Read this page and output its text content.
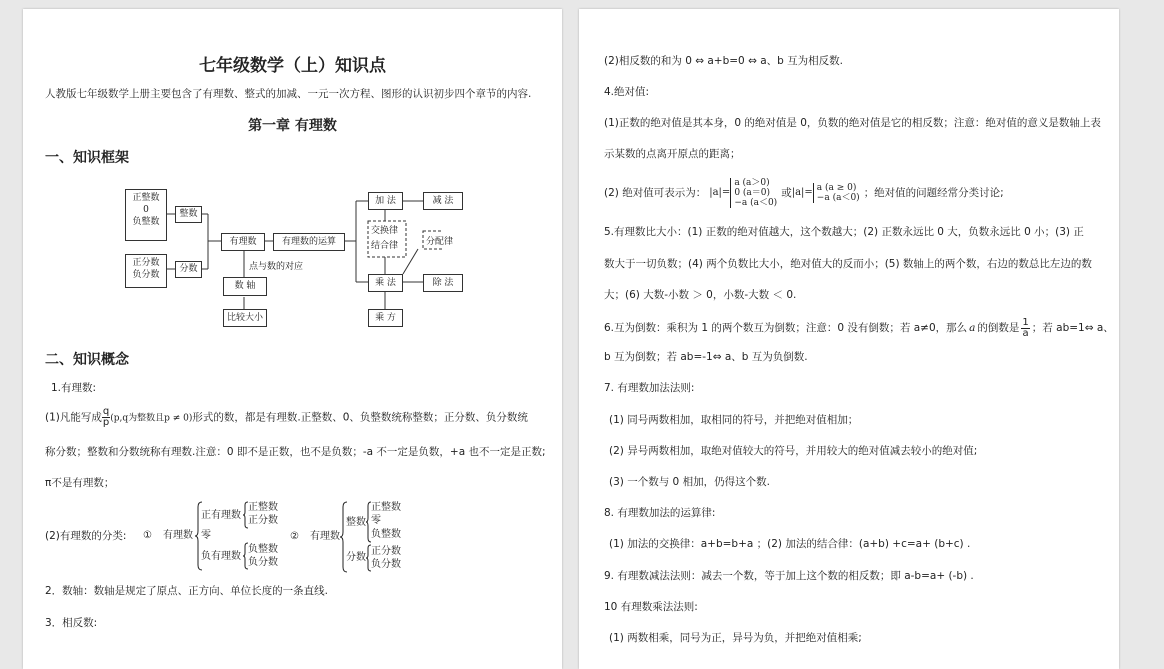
七年级数学（上）知识点
人教版七年级数学上册主要包含了有理数、整式的加减、一元一次方程、图形的认识初步四个章节的内容.
第一章 有理数
一、知识框架
正整数
0
负整数
正分数
负分数
整数
分数
有理数	有理数的运算
点与数的对应
数 轴
比较大小
加 法	减 法
交换律
结合律	分配律
乘 法	除 法
乘 方
二、知识概念
1.有理数:
(1)凡能写成 $\frac{q}{p} (p,q$为整数且p ≠ 0)形式的数，都是有理数.正整数、0、负整数统称整数；正分数、负分数统
称分数；整数和分数统称有理数.注意：0 即不是正数，也不是负数；-a 不一定是负数，+a 也不一定是正数;
π不是有理数；
(2)有理数的分类: ① 有理数
正有理数
正整数
正分数
零
负有理数
负整数
负分数
② 有理数
整数
正整数
零
负整数
分数
正分数
负分数
2．数轴：数轴是规定了原点、正方向、单位长度的一条直线.
3．相反数:
(2)相反数的和为 0 ⇔ a+b=0 ⇔ a、b 互为相反数.
4.绝对值:
(1)正数的绝对值是其本身，0 的绝对值是 0，负数的绝对值是它的相反数；注意：绝对值的意义是数轴上表
示某数的点离开原点的距离；
(2) 绝对值可表示为： |a|=
a (a＞0)
0 (a＝0)
−a (a＜0)
或 |a|= a (a ≥ 0)
−a (a＜0) ；绝对值的问题经常分类讨论;
5.有理数比大小：(1) 正数的绝对值越大，这个数越大；(2) 正数永远比 0 大，负数永远比 0 小；(3) 正
数大于一切负数；(4) 两个负数比大小，绝对值大的反而小；(5) 数轴上的两个数，右边的数总比左边的数
大；(6) 大数-小数 ＞ 0，小数-大数 ＜ 0.
6.互为倒数：乘积为 1 的两个数互为倒数；注意：0 没有倒数；若 a≠0，那么 a 的倒数是 $\frac{1}{a}$ ；若 ab=1⇔ a、
b 互为倒数；若 ab=-1⇔ a、b 互为负倒数.
7. 有理数加法法则:
(1) 同号两数相加，取相同的符号，并把绝对值相加；
(2) 异号两数相加，取绝对值较大的符号，并用较大的绝对值减去较小的绝对值;
(3) 一个数与 0 相加，仍得这个数.
8. 有理数加法的运算律:
(1) 加法的交换律：a+b=b+a ；(2) 加法的结合律：(a+b) +c=a+ (b+c) .
9. 有理数减法法则：减去一个数，等于加上这个数的相反数；即 a-b=a+ (-b) .
10 有理数乘法法则:
(1) 两数相乘，同号为正，异号为负，并把绝对值相乘;
